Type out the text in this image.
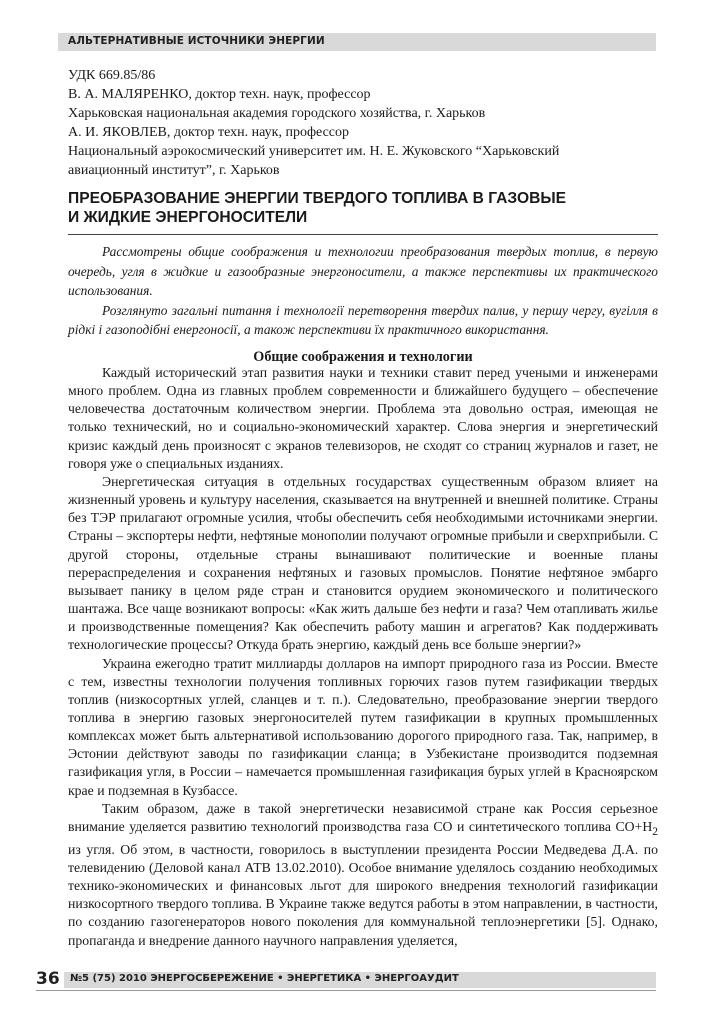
АЛЬТЕРНАТИВНЫЕ ИСТОЧНИКИ ЭНЕРГИИ
УДК 669.85/86
В. А. МАЛЯРЕНКО, доктор техн. наук, профессор
Харьковская национальная академия городского хозяйства, г. Харьков
А. И. ЯКОВЛЕВ, доктор техн. наук, профессор
Национальный аэрокосмический университет им. Н. Е. Жуковского “Харьковский
авиационный институт”, г. Харьков
ПРЕОБРАЗОВАНИЕ ЭНЕРГИИ ТВЕРДОГО ТОПЛИВА В ГАЗОВЫЕ
И ЖИДКИЕ ЭНЕРГОНОСИТЕЛИ

Рассмотрены общие соображения и технологии преобразования твердых топлив, в первую очередь, угля в жидкие и газообразные энергоносители, а также перспективы их практического использования.

Розглянуто загальні питання і технології перетворення твердих палив, у першу чергу, вугілля в рідкі і газоподібні енергоносії, а також перспективи їх практичного використання.

Общие соображения и технологии

Каждый исторический этап развития науки и техники ставит перед учеными и инженерами много проблем. Одна из главных проблем современности и ближайшего будущего – обеспечение человечества достаточным количеством энергии. Проблема эта довольно острая, имеющая не только технический, но и социально-экономический характер. Слова энергия и энергетический кризис каждый день произносят с экранов телевизоров, не сходят со страниц журналов и газет, не говоря уже о специальных изданиях.

Энергетическая ситуация в отдельных государствах существенным образом влияет на жизненный уровень и культуру населения, сказывается на внутренней и внешней политике. Страны без ТЭР прилагают огромные усилия, чтобы обеспечить себя необходимыми источниками энергии. Страны – экспортеры нефти, нефтяные монополии получают огромные прибыли и сверхприбыли. С другой стороны, отдельные страны вынашивают политические и военные планы перераспределения и сохранения нефтяных и газовых промыслов. Понятие нефтяное эмбарго вызывает панику в целом ряде стран и становится орудием экономического и политического шантажа. Все чаще возникают вопросы: «Как жить дальше без нефти и газа? Чем отапливать жилье и производственные помещения? Как обеспечить работу машин и агрегатов? Как поддерживать технологические процессы? Откуда брать энергию, каждый день все больше энергии?»

Украина ежегодно тратит миллиарды долларов на импорт природного газа из России. Вместе с тем, известны технологии получения топливных горючих газов путем газификации твердых топлив (низкосортных углей, сланцев и т. п.). Следовательно, преобразование энергии твердого топлива в энергию газовых энергоносителей путем газификации в крупных промышленных комплексах может быть альтернативой использованию дорогого природного газа. Так, например, в Эстонии действуют заводы по газификации сланца; в Узбекистане производится подземная газификация угля, в России – намечается промышленная газификация бурых углей в Красноярском крае и подземная в Кузбассе.

Таким образом, даже в такой энергетически независимой стране как Россия серьезное внимание уделяется развитию технологий производства газа СО и синтетического топлива $СО+Н_2$ из угля. Об этом, в частности, говорилось в выступлении президента России Медведева Д.А. по телевидению (Деловой канал АТВ 13.02.2010). Особое внимание уделялось созданию необходимых технико-экономических и финансовых льгот для широкого внедрения технологий газификации низкосортного твердого топлива. В Украине также ведутся работы в этом направлении, в частности, по созданию газогенераторов нового поколения для коммунальной теплоэнергетики [5]. Однако, пропаганда и внедрение данного научного направления уделяется,

36 №5 (75) 2010 ЭНЕРГОСБЕРЕЖЕНИЕ • ЭНЕРГЕТИКА • ЭНЕРГОАУДИТ
